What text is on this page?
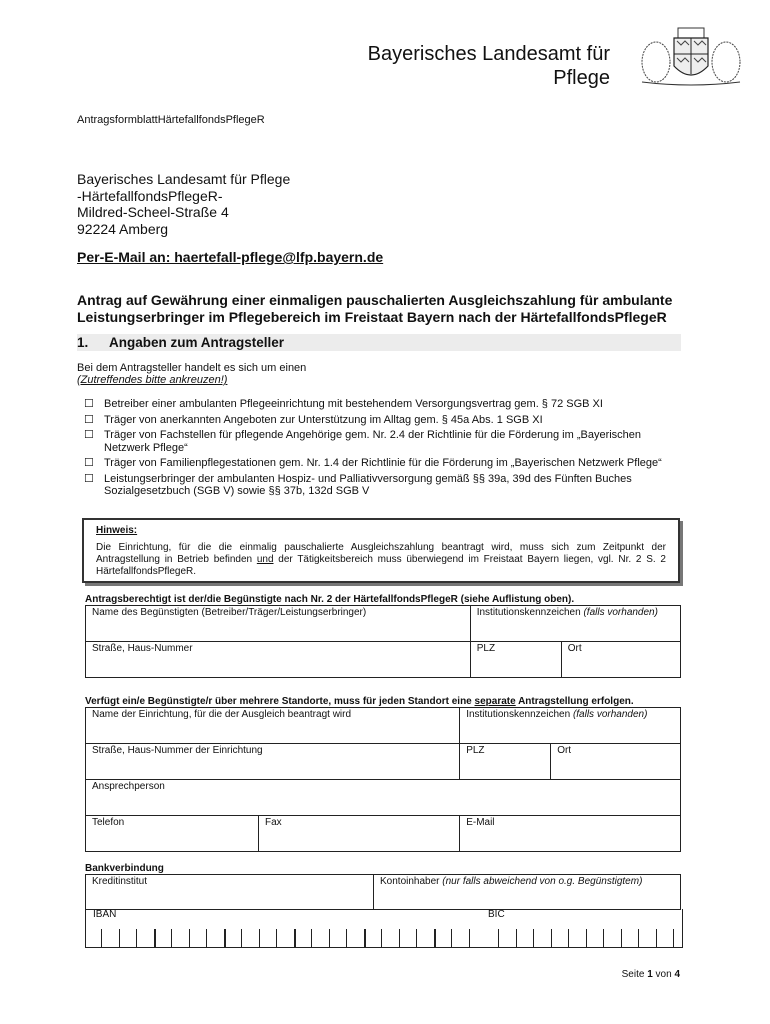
Bayerisches Landesamt für
Pflege
AntragsformblattHärtefallfondsPflegeR
Bayerisches Landesamt für Pflege
-HärtefallfondsPflegeR-
Mildred-Scheel-Straße 4
92224 Amberg
Per-E-Mail an: haertefall-pflege@lfp.bayern.de
Antrag auf Gewährung einer einmaligen pauschalierten Ausgleichszahlung für ambulante Leistungserbringer im Pflegebereich im Freistaat Bayern nach der HärtefallfondsPflegeR
1. Angaben zum Antragsteller
Bei dem Antragsteller handelt es sich um einen
(Zutreffendes bitte ankreuzen!)
☐ Betreiber einer ambulanten Pflegeeinrichtung mit bestehendem Versorgungsvertrag gem. § 72 SGB XI
☐ Träger von anerkannten Angeboten zur Unterstützung im Alltag gem. § 45a Abs. 1 SGB XI
☐ Träger von Fachstellen für pflegende Angehörige gem. Nr. 2.4 der Richtlinie für die Förderung im „Bayerischen Netzwerk Pflege“
☐ Träger von Familienpflegestationen gem. Nr. 1.4 der Richtlinie für die Förderung im „Bayerischen Netzwerk Pflege“
☐ Leistungserbringer der ambulanten Hospiz- und Palliativversorgung gemäß §§ 39a, 39d des Fünften Buches Sozialgesetzbuch (SGB V) sowie §§ 37b, 132d SGB V
Hinweis:
Die Einrichtung, für die die einmalig pauschalierte Ausgleichszahlung beantragt wird, muss sich zum Zeitpunkt der Antragstellung in Betrieb befinden und der Tätigkeitsbereich muss überwiegend im Freistaat Bayern liegen, vgl. Nr. 2 S. 2 HärtefallfondsPflegeR.
Antragsberechtigt ist der/die Begünstigte nach Nr. 2 der HärtefallfondsPflegeR (siehe Auflistung oben).
Name des Begünstigten (Betreiber/Träger/Leistungserbringer)	Institutionskennzeichen (falls vorhanden)	
Straße, Haus-Nummer	PLZ	Ort
Verfügt ein/e Begünstigte/r über mehrere Standorte, muss für jeden Standort eine separate Antragstellung erfolgen.
Name der Einrichtung, für die der Ausgleich beantragt wird		Institutionskennzeichen (falls vorhanden)	
Straße, Haus-Nummer der Einrichtung		PLZ	Ort
Ansprechperson			
Telefon	Fax	E-Mail	
Bankverbindung
Kreditinstitut	Kontoinhaber (nur falls abweichend von o.g. Begünstigtem)
IBAN	BIC
Seite 1 von 4
